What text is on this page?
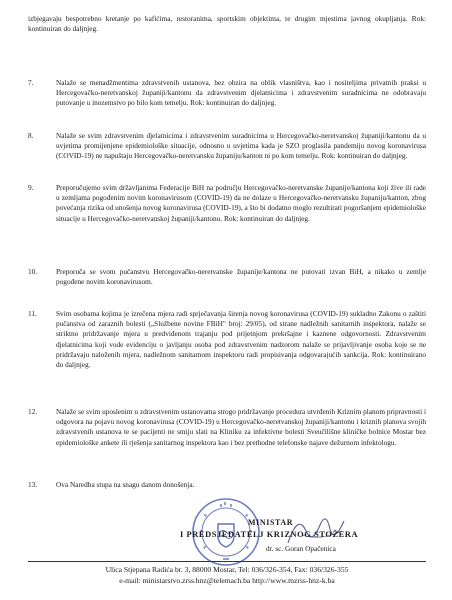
izbjegavaju bespotrebno kretanje po kafićima, restoranima, sportskim objektima, te drugim mjestima javnog okupljanja. Rok: kontinuiran do daljnjeg.

7.	Nalaže se menadžmentima zdravstvenih ustanova, bez obzira na oblik vlasništva, kao i nositeljima privatnih praksi u Hercegovačko-neretvanskoj županiji/kantonu da zdravstvenim djelatnicima i zdravstvenim suradnicima ne odobravaju putovanje u inozemstvo po bilo kom temelju. Rok: kontinuiran do daljnjeg.
8.	Nalaže se svim zdravstvenim djelatnicima i zdravstvenim suradnicima u Hercegovačko-neretvanskoj županiji/kantonu da u uvjetima promijenjene epidemiološke situacije, odnosno u uvjetima kada je SZO proglasila pandemiju novog koronavirusa (COVID-19) ne napuštaju Hercegovačko-neretvansku županiju/kanton ni po kom temelju. Rok: kontinuiran do daljnjeg.
9.	Preporučujemo svim državljanima Federacije BiH na području Hercegovačko-neretvanske županije/kantona koji žive ili rade u zemljama pogođenim novim koronavirusom (COVID-19) da ne dolaze u Hercegovačko-neretvansku županiju/kanton, zbog povećanja rizika od unošenja novog koronavirusa (COVID-19), a što bi dodatno moglo rezultirati pogoršanjem epidemiološke situacije u Hercegovačko-neretvanskoj županiji/kantonu. Rok: kontinuiran do daljnjeg.
10.	Preporuča se svom pučanstvu Hercegovačko-neretvanske županije/kantona ne putovati izvan BiH, a nikako u zemlje pogođene novim koronavirusom.
11.	Svim osobama kojima je izrečena mjera radi sprječavanja širenja novog koronavirusa (COVID-19) sukladno Zakonu o zaštiti pučanstva od zaraznih bolesti („Službene novine FBiH" broj: 29/05), od strane nadležnih sanitarnih inspektora, nalaže se striktno pridržavanje mjera u predviđenom trajanju pod prijetnjom prekršajne i kaznene odgovornosti. Zdravstvenim djelatnicima koji vode evidenciju o javljanju osoba pod zdravstvenim nadzorom nalaže se prijavljivanje osoba koje se ne pridržavaju naloženih mjera, nadležnom sanitarnom inspektoru radi propisivanja odgovarajućih sankcija. Rok: kontinuirano do daljnjeg.
12.	Nalaže se svim uposlenim u zdravstvenim ustanovama strogo pridržavanje procedura utvrđenih Kriznim planom pripravnosti i odgovora na pojavu novog koronavirusa (COVID-19) u Hercegovačko-neretvanskoj županiji/kantonu i kriznih planova svojih zdravstvenih ustanova te se pacijenti ne smiju slati na Kliniku za infektivne bolesti Sveučilišne kliničke bolnice Mostar bez epidemiološke ankete ili rješenja sanitarnog inspektora kao i bez prethodne telefonske najave dežurnom infektologu.
13.	Ova Naredba stupa na snagu danom donošenja.
MINISTAR
I PREDSJEDATELJ KRIZNOG STOŽERA
dr. sc. Goran Opačenica
Ulica Stjepana Radića br. 3, 88000 Mostar, Tel: 036/326-354, Fax: 036/326-355
e-mail: ministarstvo.zrss.hnz@telemach.ba http://www.mzrss-hnz-k.ba
